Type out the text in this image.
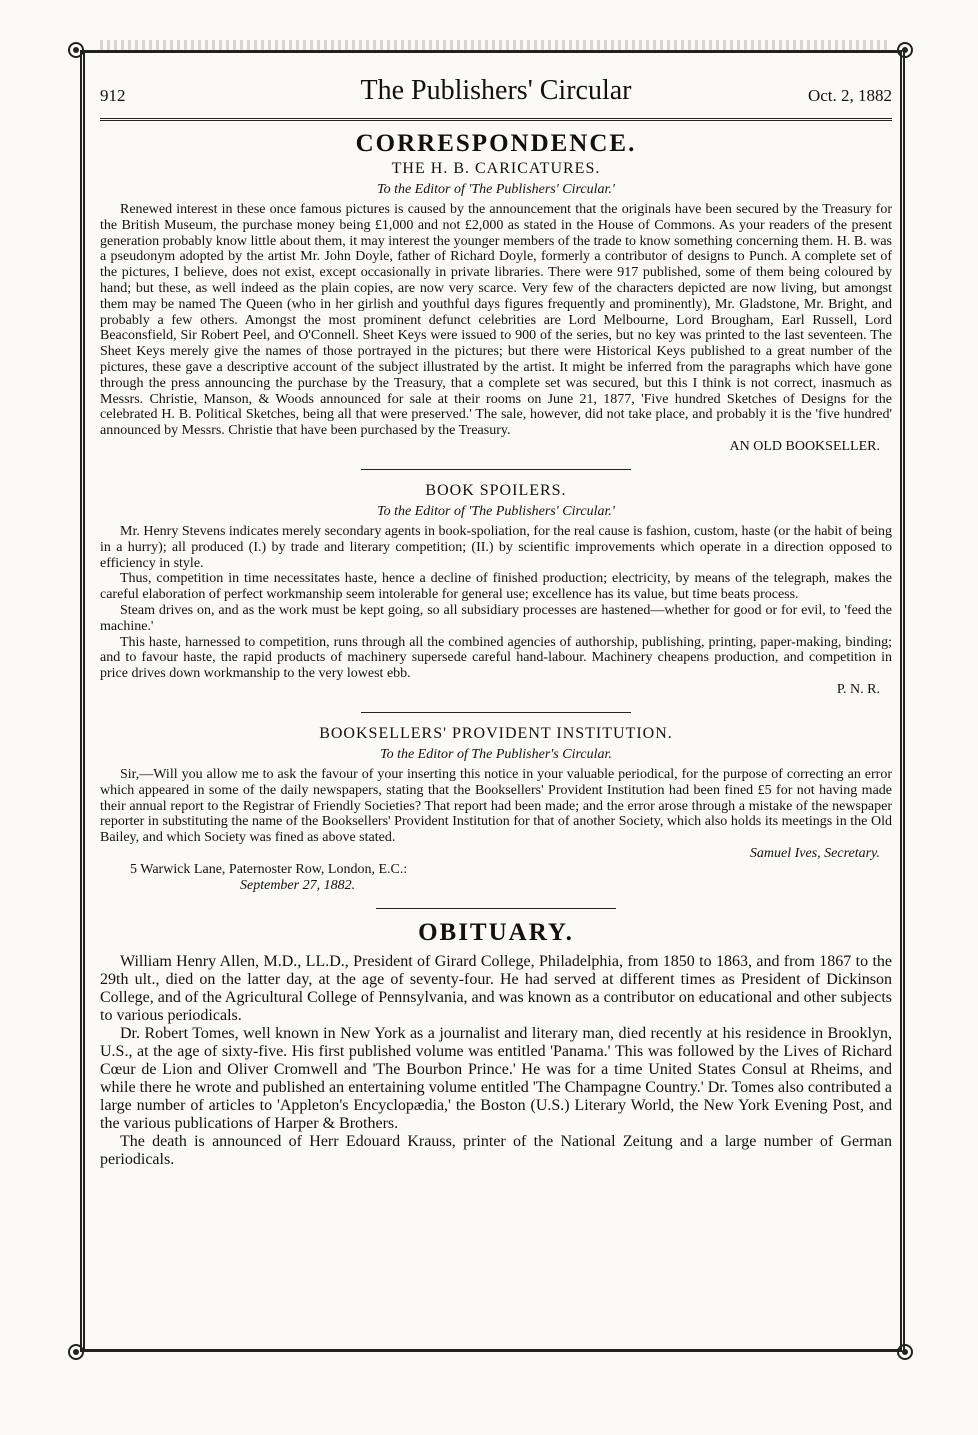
912	The Publishers' Circular	Oct. 2, 1882
CORRESPONDENCE.
THE H. B. CARICATURES.
To the Editor of 'The Publishers' Circular.'

Renewed interest in these once famous pictures is caused by the announcement that the originals have been secured by the Treasury for the British Museum, the purchase money being £1,000 and not £2,000 as stated in the House of Commons. As your readers of the present generation probably know little about them, it may interest the younger members of the trade to know something concerning them. H. B. was a pseudonym adopted by the artist Mr. John Doyle, father of Richard Doyle, formerly a contributor of designs to Punch. A complete set of the pictures, I believe, does not exist, except occasionally in private libraries. There were 917 published, some of them being coloured by hand; but these, as well indeed as the plain copies, are now very scarce. Very few of the characters depicted are now living, but amongst them may be named The Queen (who in her girlish and youthful days figures frequently and prominently), Mr. Gladstone, Mr. Bright, and probably a few others. Amongst the most prominent defunct celebrities are Lord Melbourne, Lord Brougham, Earl Russell, Lord Beaconsfield, Sir Robert Peel, and O'Connell. Sheet Keys were issued to 900 of the series, but no key was printed to the last seventeen. The Sheet Keys merely give the names of those portrayed in the pictures; but there were Historical Keys published to a great number of the pictures, these gave a descriptive account of the subject illustrated by the artist. It might be inferred from the paragraphs which have gone through the press announcing the purchase by the Treasury, that a complete set was secured, but this I think is not correct, inasmuch as Messrs. Christie, Manson, & Woods announced for sale at their rooms on June 21, 1877, 'Five hundred Sketches of Designs for the celebrated H. B. Political Sketches, being all that were preserved.' The sale, however, did not take place, and probably it is the 'five hundred' announced by Messrs. Christie that have been purchased by the Treasury.

AN OLD BOOKSELLER.
BOOK SPOILERS.
To the Editor of 'The Publishers' Circular.'

Mr. Henry Stevens indicates merely secondary agents in book-spoliation, for the real cause is fashion, custom, haste (or the habit of being in a hurry); all produced (I.) by trade and literary competition; (II.) by scientific improvements which operate in a direction opposed to efficiency in style.

Thus, competition in time necessitates haste, hence a decline of finished production; electricity, by means of the telegraph, makes the careful elaboration of perfect workmanship seem intolerable for general use; excellence has its value, but time beats process.

Steam drives on, and as the work must be kept going, so all subsidiary processes are hastened—whether for good or for evil, to 'feed the machine.'

This haste, harnessed to competition, runs through all the combined agencies of authorship, publishing, printing, paper-making, binding; and to favour haste, the rapid products of machinery supersede careful hand-labour. Machinery cheapens production, and competition in price drives down workmanship to the very lowest ebb.

P. N. R.
BOOKSELLERS' PROVIDENT INSTITUTION.
To the Editor of The Publisher's Circular.

Sir,—Will you allow me to ask the favour of your inserting this notice in your valuable periodical, for the purpose of correcting an error which appeared in some of the daily newspapers, stating that the Booksellers' Provident Institution had been fined £5 for not having made their annual report to the Registrar of Friendly Societies? That report had been made; and the error arose through a mistake of the newspaper reporter in substituting the name of the Booksellers' Provident Institution for that of another Society, which also holds its meetings in the Old Bailey, and which Society was fined as above stated.

Samuel Ives, Secretary.
5 Warwick Lane, Paternoster Row, London, E.C.:
September 27, 1882.
OBITUARY.

William Henry Allen, M.D., LL.D., President of Girard College, Philadelphia, from 1850 to 1863, and from 1867 to the 29th ult., died on the latter day, at the age of seventy-four. He had served at different times as President of Dickinson College, and of the Agricultural College of Pennsylvania, and was known as a contributor on educational and other subjects to various periodicals.

Dr. Robert Tomes, well known in New York as a journalist and literary man, died recently at his residence in Brooklyn, U.S., at the age of sixty-five. His first published volume was entitled 'Panama.' This was followed by the Lives of Richard Cœur de Lion and Oliver Cromwell and 'The Bourbon Prince.' He was for a time United States Consul at Rheims, and while there he wrote and published an entertaining volume entitled 'The Champagne Country.' Dr. Tomes also contributed a large number of articles to 'Appleton's Encyclopædia,' the Boston (U.S.) Literary World, the New York Evening Post, and the various publications of Harper & Brothers.

The death is announced of Herr Edouard Krauss, printer of the National Zeitung and a large number of German periodicals.
